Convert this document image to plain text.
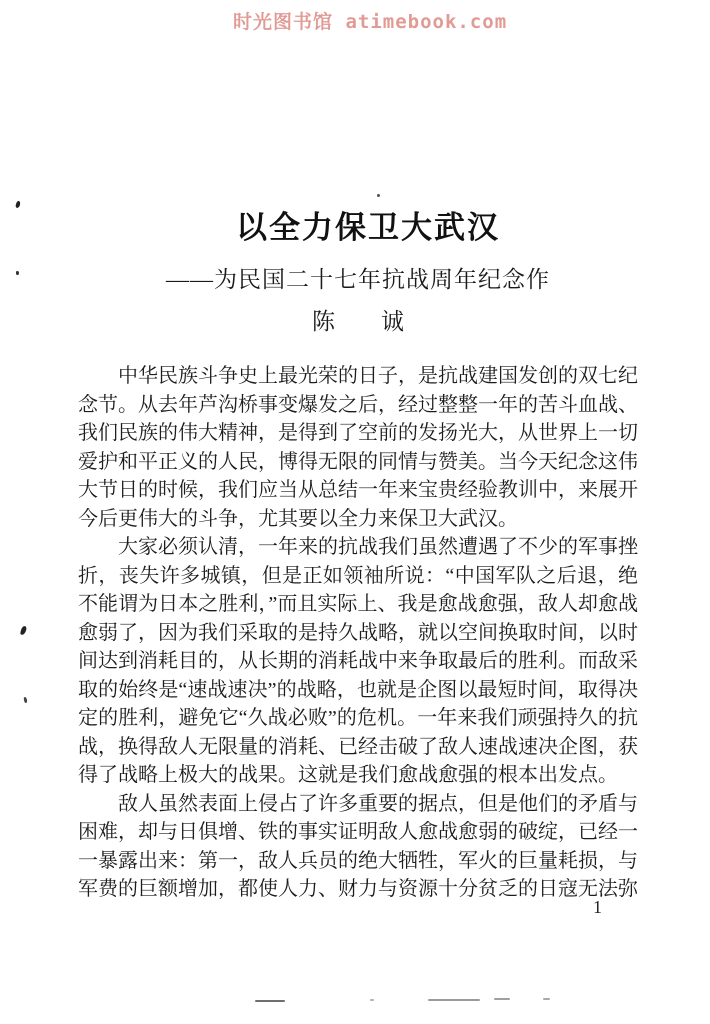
时光图书馆 atimebook.com
以全力保卫大武汉
——为民国二十七年抗战周年纪念作
陈　　诚

中华民族斗争史上最光荣的日子，是抗战建国发创的双七纪念节。从去年芦沟桥事变爆发之后，经过整整一年的苦斗血战、我们民族的伟大精神，是得到了空前的发扬光大，从世界上一切爱护和平正义的人民，博得无限的同情与赞美。当今天纪念这伟大节日的时候，我们应当从总结一年来宝贵经验教训中，来展开今后更伟大的斗争，尤其要以全力来保卫大武汉。

大家必须认清，一年来的抗战我们虽然遭遇了不少的军事挫折，丧失许多城镇，但是正如领袖所说：“中国军队之后退，绝不能谓为日本之胜利，”而且实际上、我是愈战愈强，敌人却愈战愈弱了，因为我们采取的是持久战略，就以空间换取时间，以时间达到消耗目的，从长期的消耗战中来争取最后的胜利。而敌采取的始终是“速战速决”的战略，也就是企图以最短时间，取得决定的胜利，避免它“久战必败”的危机。一年来我们顽强持久的抗战，换得敌人无限量的消耗、已经击破了敌人速战速决企图，获得了战略上极大的战果。这就是我们愈战愈强的根本出发点。

敌人虽然表面上侵占了许多重要的据点，但是他们的矛盾与困难，却与日俱增、铁的事实证明敌人愈战愈弱的破绽，已经一一暴露出来：第一，敌人兵员的绝大牺牲，军火的巨量耗损，与军费的巨额增加，都使人力、财力与资源十分贫乏的日寇无法弥

1
